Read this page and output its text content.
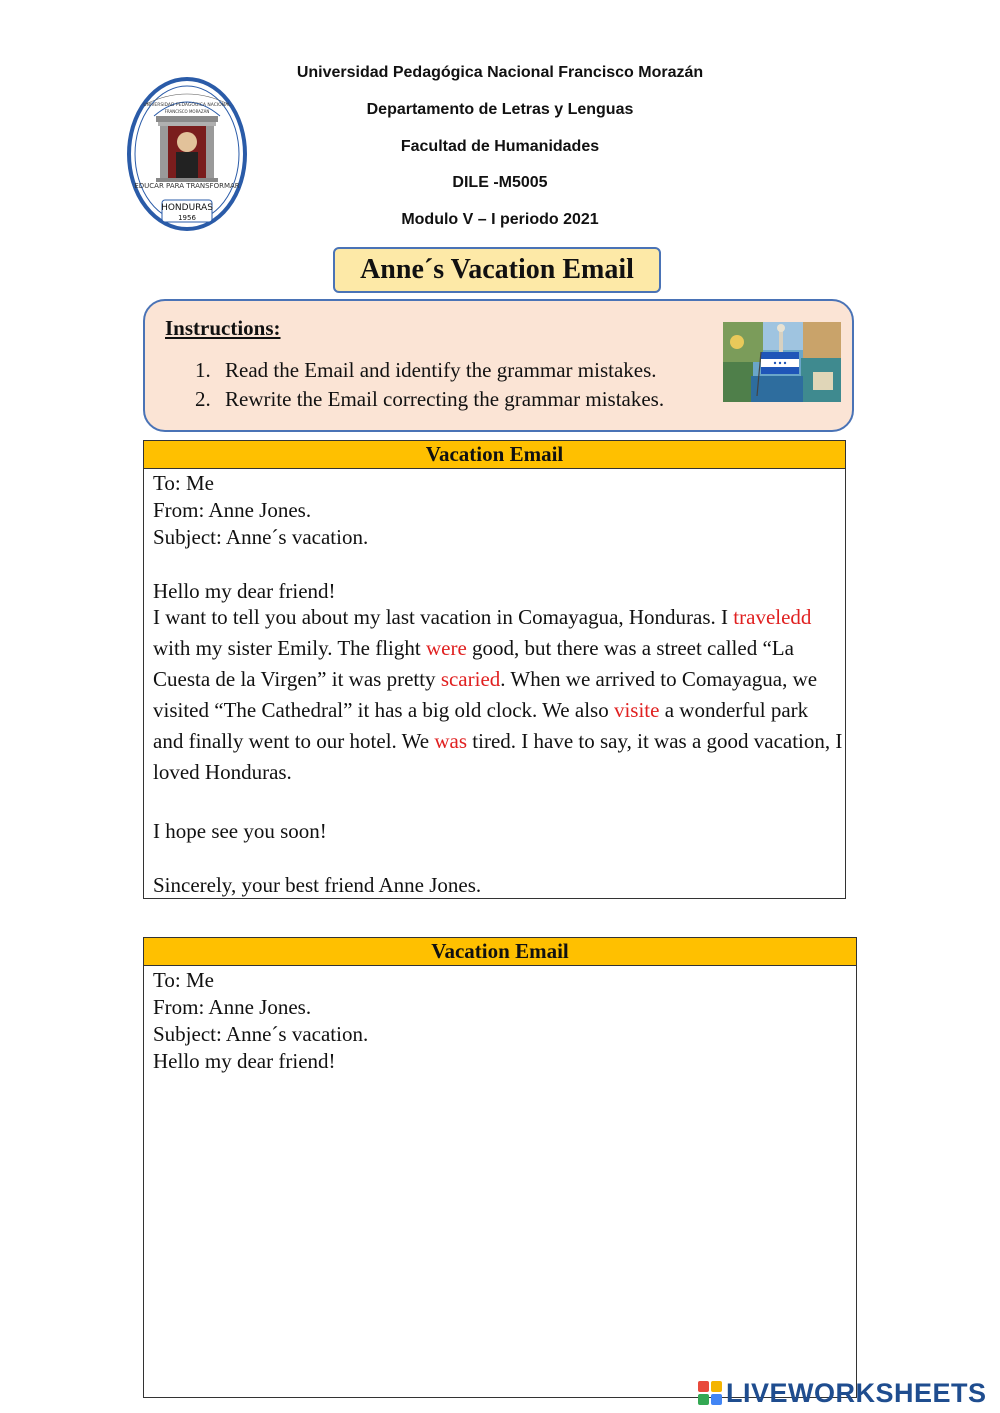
Universidad Pedagógica Nacional Francisco Morazán
Departamento de Letras y Lenguas
Facultad de Humanidades
DILE -M5005
Modulo V – I periodo 2021
UNIVERSIDAD PEDAGÓGICA NACIONAL
FRANCISCO MORAZÁN
EDUCAR PARA TRANSFORMAR
HONDURAS
1956
Anne´s Vacation Email
Instructions:
1. Read the Email and identify the grammar mistakes.
2. Rewrite the Email correcting the grammar mistakes.
Vacation Email
To: Me
From: Anne Jones.
Subject: Anne´s vacation.
Hello my dear friend!
I want to tell you about my last vacation in Comayagua, Honduras. I traveledd with my sister Emily. The flight were good, but there was a street called “La Cuesta de la Virgen” it was pretty scaried. When we arrived to Comayagua, we visited “The Cathedral” it has a big old clock. We also visite a wonderful park and finally went to our hotel. We was tired. I have to say, it was a good vacation, I loved Honduras.
I hope see you soon!
Sincerely, your best friend Anne Jones.
Vacation Email
To: Me
From: Anne Jones.
Subject: Anne´s vacation.
Hello my dear friend!
LIVEWORKSHEETS
